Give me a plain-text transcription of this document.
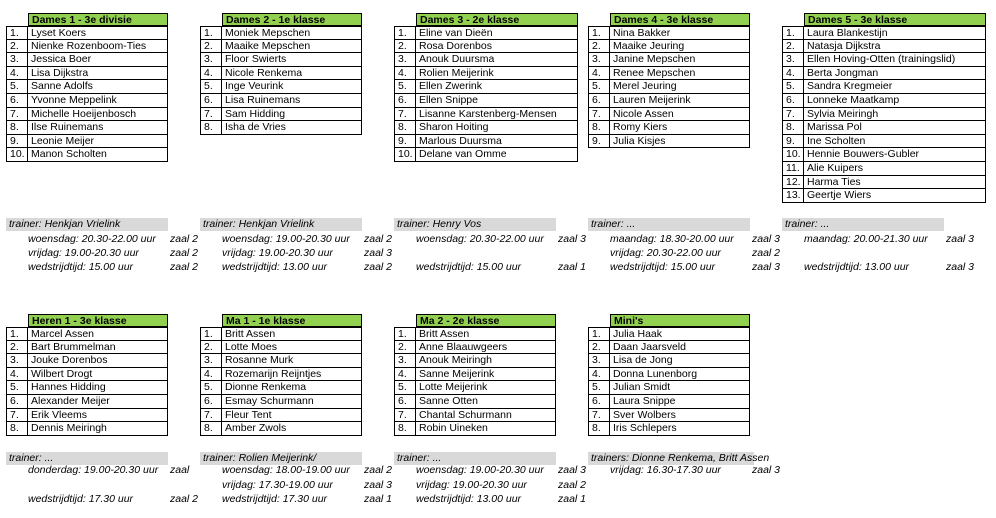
Dames 1 - 3e divisie
1.	Lyset Koers
2.	Nienke Rozenboom-Ties
3.	Jessica Boer
4.	Lisa Dijkstra
5.	Sanne Adolfs
6.	Yvonne Meppelink
7.	Michelle Hoeijenbosch
8.	Ilse Ruinemans
9.	Leonie Meijer
10. Manon Scholten
trainer: Henkjan Vrielink
woensdag: 20.30-22.00 uur zaal 2
vrijdag: 19.00-20.30 uur	zaal 2
wedstrijdtijd: 15.00 uur	zaal 2
Dames 2 - 1e klasse
1.	Moniek Mepschen
2.	Maaike Mepschen
3.	Floor Swierts
4.	Nicole Renkema
5.	Inge Veurink
6.	Lisa Ruinemans
7.	Sam Hidding
8.	Isha de Vries
trainer: Henkjan Vrielink
woensdag: 19.00-20.30 uur zaal 2
vrijdag: 19.00-20.30 uur	zaal 3
wedstrijdtijd: 13.00 uur	zaal 2
Dames 3 - 2e klasse
1.	Eline van Dieën
2.	Rosa Dorenbos
3.	Anouk Duursma
4.	Rolien Meijerink
5.	Ellen Zwerink
6.	Ellen Snippe
7.	Lisanne Karstenberg-Mensen
8.	Sharon Hoiting
9.	Marlous Duursma
10. Delane van Omme
trainer: Henry Vos
woensdag: 20.30-22.00 uur zaal 3
wedstrijdtijd: 15.00 uur	zaal 1
Dames 4 - 3e klasse
1.	Nina Bakker
2.	Maaike Jeuring
3.	Janine Mepschen
4.	Renee Mepschen
5.	Merel Jeuring
6.	Lauren Meijerink
7.	Nicole Assen
8.	Romy Kiers
9.	Julia Kisjes
trainer: ...
maandag: 18.30-20.00 uur zaal 3
vrijdag: 20.30-22.00 uur	zaal 2
wedstrijdtijd: 15.00 uur	zaal 3
Dames 5 - 3e klasse
1.	Laura Blankestijn
2.	Natasja Dijkstra
3.	Ellen Hoving-Otten (trainingslid)
4.	Berta Jongman
5.	Sandra Kregmeier
6.	Lonneke Maatkamp
7.	Sylvia Meiringh
8.	Marissa Pol
9.	Ine Scholten
10. Hennie Bouwers-Gubler
11. Alie Kuipers
12. Harma Ties
13. Geertje Wiers
trainer: ...
maandag: 20.00-21.30 uur zaal 3
wedstrijdtijd: 13.00 uur	zaal 3
Heren 1 - 3e klasse
1.	Marcel Assen
2.	Bart Brummelman
3.	Jouke Dorenbos
4.	Wilbert Drogt
5.	Hannes Hidding
6.	Alexander Meijer
7.	Erik Vleems
8.	Dennis Meiringh
trainer: ...
donderdag: 19.00-20.30 uur zaal
wedstrijdtijd: 17.30 uur	zaal 2
Ma 1 - 1e klasse
1.	Britt Assen
2.	Lotte Moes
3.	Rosanne Murk
4.	Rozemarijn Reijntjes
5.	Dionne Renkema
6.	Esmay Schurmann
7.	Fleur Tent
8.	Amber Zwols
trainer: Rolien Meijerink/
woensdag: 18.00-19.00 uur zaal 2
vrijdag: 17.30-19.00 uur	zaal 3
wedstrijdtijd: 17.30 uur	zaal 1
Ma 2 - 2e klasse
1.	Britt Assen
2.	Anne Blaauwgeers
3.	Anouk Meiringh
4.	Sanne Meijerink
5.	Lotte Meijerink
6.	Sanne Otten
7.	Chantal Schurmann
8.	Robin Uineken
trainer: ...
woensdag: 19.00-20.30 uur zaal 3
vrijdag: 19.00-20.30 uur	zaal 2
wedstrijdtijd: 13.00 uur	zaal 1
Mini's
1.	Julia Haak
2.	Daan Jaarsveld
3.	Lisa de Jong
4.	Donna Lunenborg
5.	Julian Smidt
6.	Laura Snippe
7.	Sver Wolbers
8.	Iris Schlepers
trainers: Dionne Renkema, Britt Assen
vrijdag: 16.30-17.30 uur	zaal 3
